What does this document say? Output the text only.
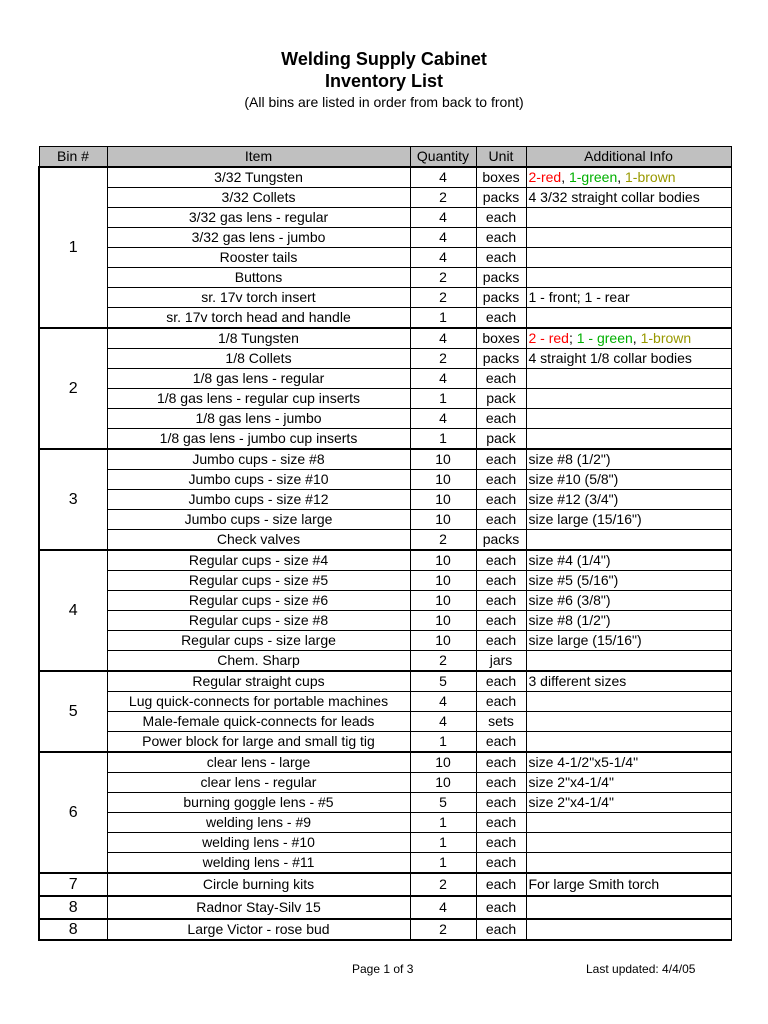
Welding Supply Cabinet
Inventory List
(All bins are listed in order from back to front)
Bin #	Item	Quantity	Unit	Additional Info
1	3/32 Tungsten	4	boxes	2-red, 1-green, 1-brown
	3/32 Collets	2	packs	4 3/32 straight collar bodies
	3/32 gas lens - regular	4	each	
	3/32 gas lens - jumbo	4	each	
	Rooster tails	4	each	
	Buttons	2	packs	
	sr. 17v torch insert	2	packs	1 - front; 1 - rear
	sr. 17v torch head and handle	1	each	
2	1/8 Tungsten	4	boxes	2 - red; 1 - green, 1-brown
	1/8 Collets	2	packs	4 straight 1/8 collar bodies
	1/8 gas lens - regular	4	each	
	1/8 gas lens - regular cup inserts	1	pack	
	1/8 gas lens - jumbo	4	each	
	1/8 gas lens - jumbo cup inserts	1	pack	
3	Jumbo cups - size #8	10	each	size #8 (1/2")
	Jumbo cups - size #10	10	each	size #10 (5/8")
	Jumbo cups - size #12	10	each	size #12 (3/4")
	Jumbo cups - size large	10	each	size large (15/16")
	Check valves	2	packs	
4	Regular cups - size #4	10	each	size #4 (1/4")
	Regular cups - size #5	10	each	size #5 (5/16")
	Regular cups - size #6	10	each	size #6 (3/8")
	Regular cups - size #8	10	each	size #8 (1/2")
	Regular cups - size large	10	each	size large (15/16")
	Chem. Sharp	2	jars	
5	Regular straight cups	5	each	3 different sizes
	Lug quick-connects for portable machines	4	each	
	Male-female quick-connects for leads	4	sets	
	Power block for large and small tig tig	1	each	
6	clear lens - large	10	each	size 4-1/2"x5-1/4"
	clear lens - regular	10	each	size 2"x4-1/4"
	burning goggle lens - #5	5	each	size 2"x4-1/4"
	welding lens - #9	1	each	
	welding lens - #10	1	each	
	welding lens - #11	1	each	
7	Circle burning kits	2	each	For large Smith torch
8	Radnor Stay-Silv 15	4	each	
8	Large Victor - rose bud	2	each	
Page 1 of 3	Last updated: 4/4/05
